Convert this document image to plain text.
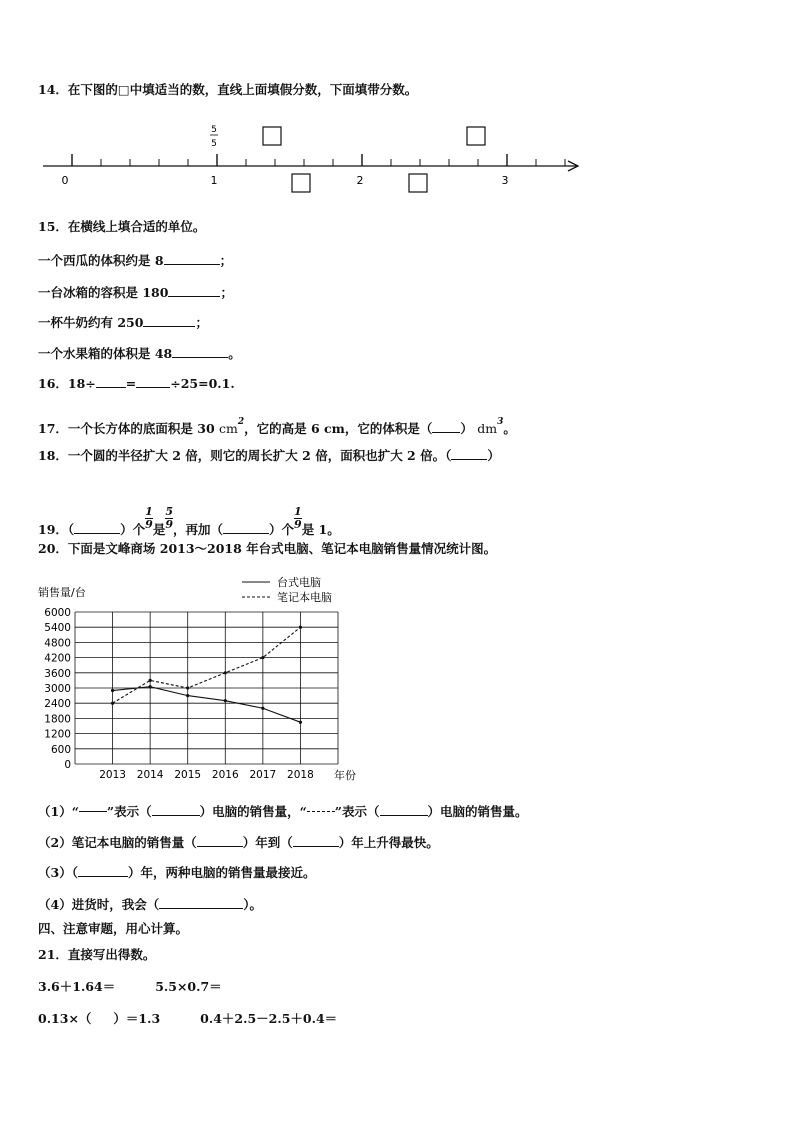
14．在下图的□中填适当的数，直线上面填假分数，下面填带分数。
0	1	2	3
5
5
15．在横线上填合适的单位。
一个西瓜的体积约是 8	；
一台冰箱的容积是 180	；
一杯牛奶约有 250	；
一个水果箱的体积是 48	。
16．18÷ =	÷25=0.1.
17．一个长方体的底面积是 30 $cm^2$，它的高是 6 cm，它的体积是（ ） $dm^3$。
18．一个圆的半径扩大 2 倍，则它的周长扩大 2 倍，面积也扩大 2 倍。（	）
19．（	）个 $\frac{1}{9}$ 是 $\frac{5}{9}$ ，再加（	）个 $\frac{1}{9}$ 是 1。
20．下面是文峰商场 2013～2018 年台式电脑、笔记本电脑销售量情况统计图。
销售量/台
年份
0
600
1200
1800
2400
3000
3600
4200
4800
5400
6000
2013 2014 2015 2016 2017 2018
台式电脑
笔记本电脑
（1）“ ”表示（	）电脑的销售量，“ ”表示（	）电脑的销售量。
（2）笔记本电脑的销售量（	）年到（	）年上升得最快。
（3）（	）年，两种电脑的销售量最接近。
（4）进货时，我会（	）。
四、注意审题，用心计算。
21．直接写出得数。
3.6＋1.64＝	5.5×0.7＝
0.13×（ ）＝1.3	0.4＋2.5－2.5＋0.4＝
